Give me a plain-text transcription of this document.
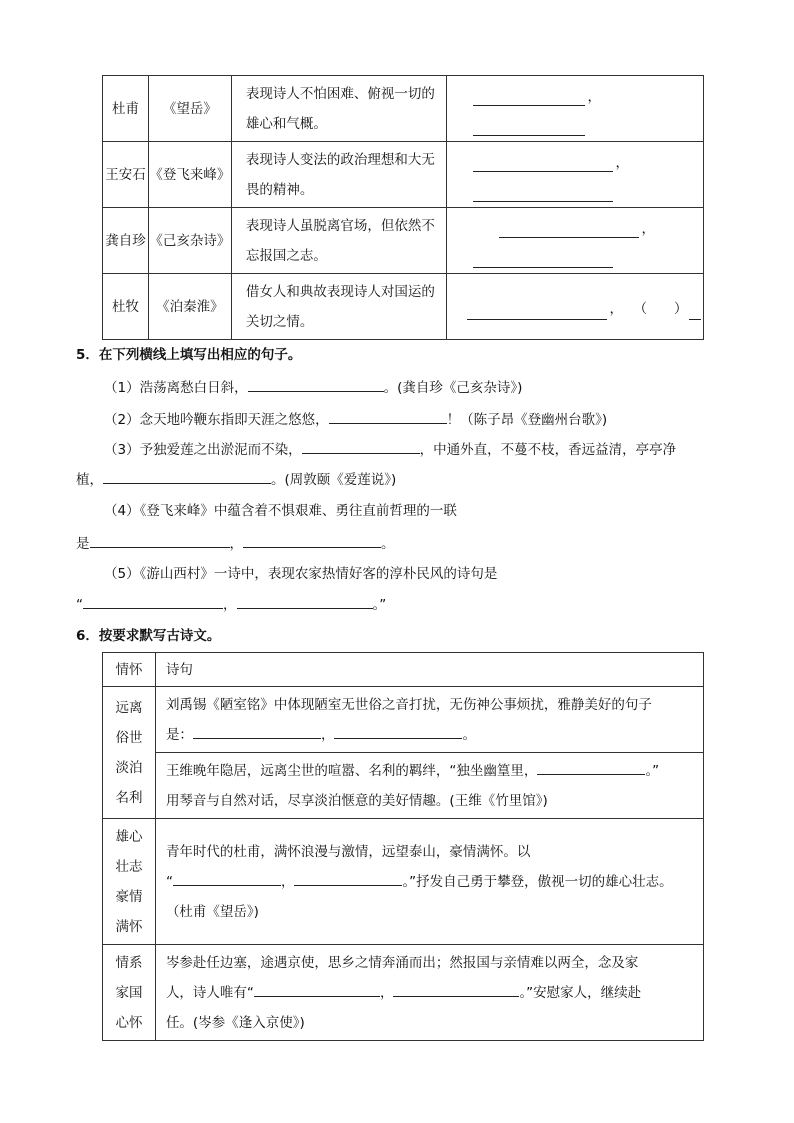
杜甫	《望岳》	表现诗人不怕困难、俯视一切的雄心和气概。	，

王安石	《登飞来峰》	表现诗人变法的政治理想和大无畏的精神。	，

龚自珍	《己亥杂诗》	表现诗人虽脱离官场，但依然不忘报国之志。	，

杜牧	《泊秦淮》	借女人和典故表现诗人对国运的关切之情。	， （　　）
5．在下列横线上填写出相应的句子。
（1）浩荡离愁白日斜，	。(龚自珍《己亥杂诗》)
（2）念天地吟鞭东指即天涯之悠悠，	！（陈子昂《登幽州台歌》)
（3）予独爱莲之出淤泥而不染，	，中通外直，不蔓不枝，香远益清，亭亭净
植，	。(周敦颐《爱莲说》)
（4）《登飞来峰》中蕴含着不惧艰难、勇往直前哲理的一联
是	，	。
（5）《游山西村》一诗中，表现农家热情好客的淳朴民风的诗句是
“	，	。”
6．按要求默写古诗文。
情怀	诗句
远离俗世淡泊名利	刘禹锡《陋室铭》中体现陋室无世俗之音打扰，无伤神公事烦扰，雅静美好的句子
是： ， 。

	王维晚年隐居，远离尘世的喧嚣、名利的羁绊，“独坐幽篁里， 。”
用琴音与自然对话，尽享淡泊惬意的美好情趣。(王维《竹里馆》)

雄心壮志豪情满怀	青年时代的杜甫，满怀浪漫与激情，远望泰山，豪情满怀。以
“ ， 。”抒发自己勇于攀登，傲视一切的雄心壮志。
（杜甫《望岳》)

情系家国心怀	岑参赴任边塞，途遇京使，思乡之情奔涌而出；然报国与亲情难以两全，念及家
人，诗人唯有“ ， 。”安慰家人，继续赴
任。(岑参《逢入京使》)
